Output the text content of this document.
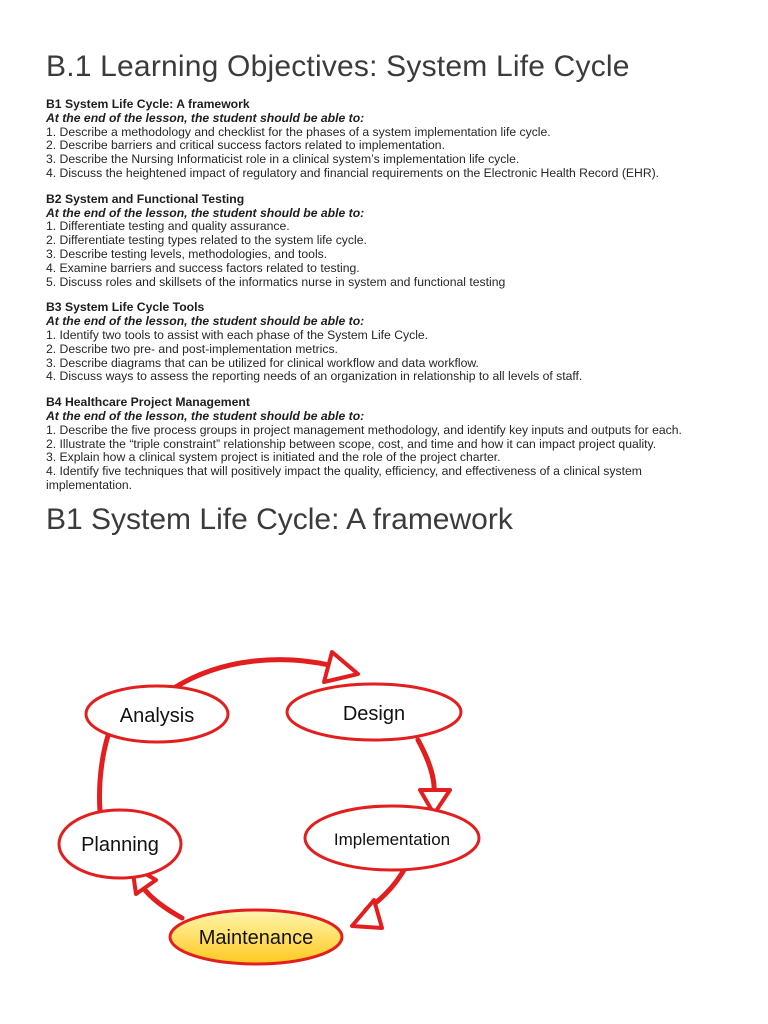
B.1 Learning Objectives: System Life Cycle
B1 System Life Cycle: A framework
At the end of the lesson, the student should be able to:

1. Describe a methodology and checklist for the phases of a system implementation life cycle.

2. Describe barriers and critical success factors related to implementation.

3. Describe the Nursing Informaticist role in a clinical system’s implementation life cycle.

4. Discuss the heightened impact of regulatory and financial requirements on the Electronic Health Record (EHR).

B2 System and Functional Testing
At the end of the lesson, the student should be able to:

1. Differentiate testing and quality assurance.

2. Differentiate testing types related to the system life cycle.

3. Describe testing levels, methodologies, and tools.

4. Examine barriers and success factors related to testing.

5. Discuss roles and skillsets of the informatics nurse in system and functional testing

B3 System Life Cycle Tools
At the end of the lesson, the student should be able to:

1. Identify two tools to assist with each phase of the System Life Cycle.

2. Describe two pre- and post-implementation metrics.

3. Describe diagrams that can be utilized for clinical workflow and data workflow.

4. Discuss ways to assess the reporting needs of an organization in relationship to all levels of staff.

B4 Healthcare Project Management
At the end of the lesson, the student should be able to:

1. Describe the five process groups in project management methodology, and identify key inputs and outputs for each.

2. Illustrate the “triple constraint” relationship between scope, cost, and time and how it can impact project quality.

3. Explain how a clinical system project is initiated and the role of the project charter.

4. Identify five techniques that will positively impact the quality, efficiency, and effectiveness of a clinical system implementation.

B1 System Life Cycle: A framework
Analysis	Design
Implementation
Planning
Maintenance
